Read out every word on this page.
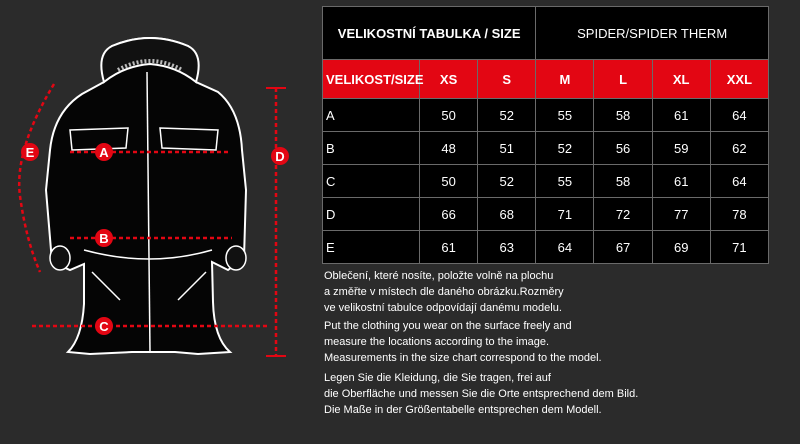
A
B
C
D
E
VELIKOSTNÍ TABULKA / SIZE			SPIDER/SPIDER THERM			
VELIKOST/SIZE	XS	S	M	L	XL	XXL
A	50	52	55	58	61	64
B	48	51	52	56	59	62
C	50	52	55	58	61	64
D	66	68	71	72	77	78
E	61	63	64	67	69	71
Oblečení, které nosíte, položte volně na plochu
a změřte v místech dle daného obrázku.Rozměry
ve velikostní tabulce odpovídají danému modelu.
Put the clothing you wear on the surface freely and
measure the locations according to the image.
Measurements in the size chart correspond to the model.
Legen Sie die Kleidung, die Sie tragen, frei auf
die Oberfläche und messen Sie die Orte entsprechend dem Bild.
Die Maße in der Größentabelle entsprechen dem Modell.
